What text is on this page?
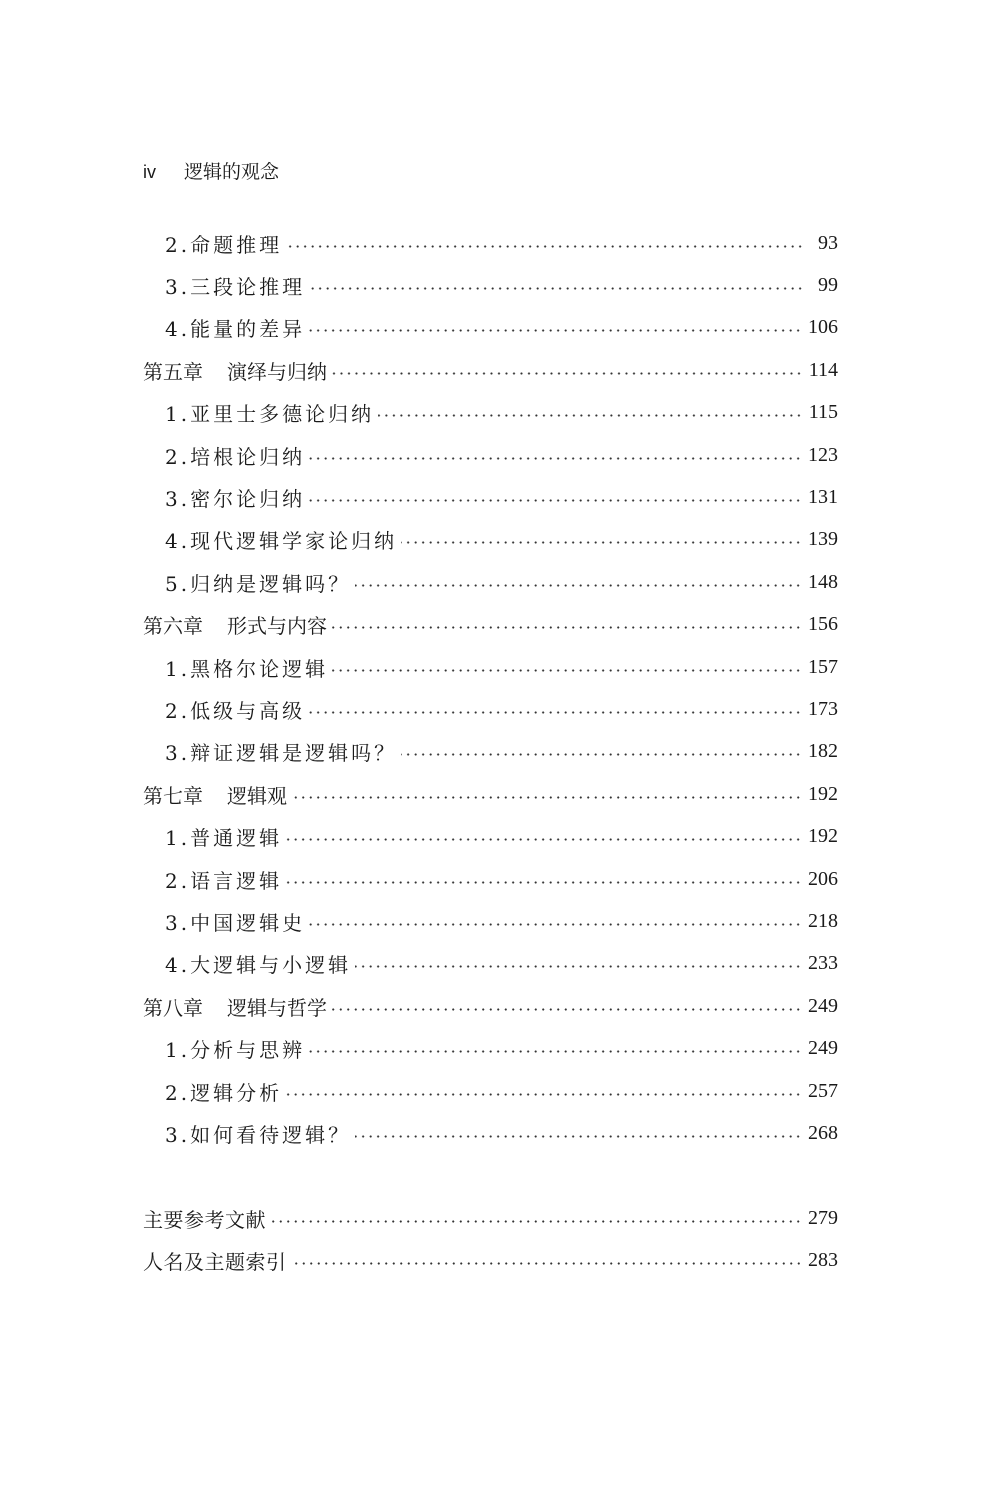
iv 逻辑的观念
2.命题推理	93
3.三段论推理	99
4.能量的差异	106
第五章 演绎与归纳	114
1.亚里士多德论归纳	115
2.培根论归纳	123
3.密尔论归纳	131
4.现代逻辑学家论归纳	139
5.归纳是逻辑吗？	148
第六章 形式与内容	156
1.黑格尔论逻辑	157
2.低级与高级	173
3.辩证逻辑是逻辑吗？	182
第七章 逻辑观	192
1.普通逻辑	192
2.语言逻辑	206
3.中国逻辑史	218
4.大逻辑与小逻辑	233
第八章 逻辑与哲学	249
1.分析与思辨	249
2.逻辑分析	257
3.如何看待逻辑？	268
主要参考文献	279
人名及主题索引	283
